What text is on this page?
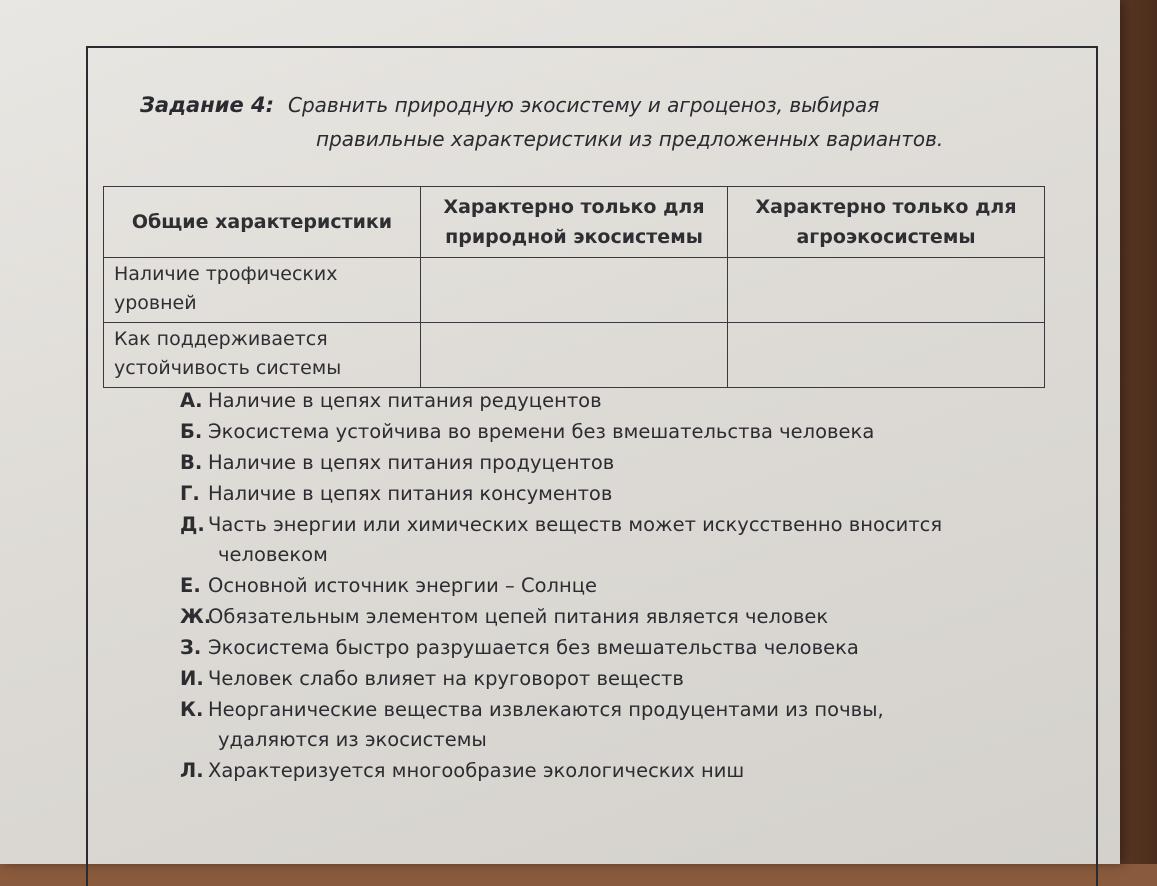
Задание 4: Сравнить природную экосистему и агроценоз, выбирая
правильные характеристики из предложенных вариантов.
Общие характеристики	Характерно только для природной экосистемы	Характерно только для агроэкосистемы
Наличие трофических уровней		
Как поддерживается устойчивость системы		
А. Наличие в цепях питания редуцентов
Б. Экосистема устойчива во времени без вмешательства человека
В. Наличие в цепях питания продуцентов
Г. Наличие в цепях питания консументов
Д. Часть энергии или химических веществ может искусственно вносится
человеком
Е. Основной источник энергии – Солнце
Ж.
Обязательным элементом цепей питания является человек
З. Экосистема быстро разрушается без вмешательства человека
И. Человек слабо влияет на круговорот веществ
К. Неорганические вещества извлекаются продуцентами из почвы,
удаляются из экосистемы
Л. Характеризуется многообразие экологических ниш
